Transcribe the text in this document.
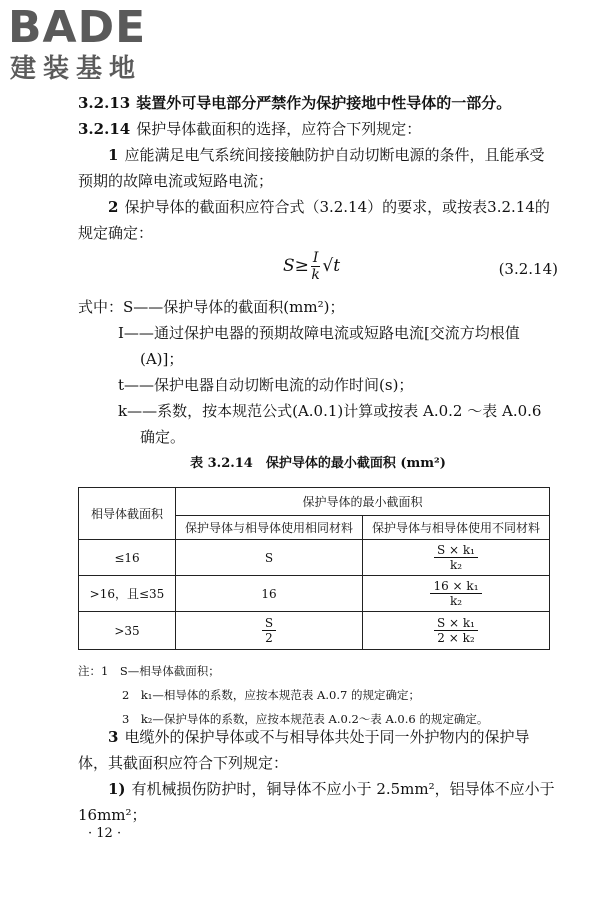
BADE
建装基地

3.2.13 装置外可导电部分严禁作为保护接地中性导体的一部分。

3.2.14 保护导体截面积的选择，应符合下列规定：

1 应能满足电气系统间接接触防护自动切断电源的条件，且能承受预期的故障电流或短路电流；

2 保护导体的截面积应符合式（3.2.14）的要求，或按表3.2.14的规定确定：

$S\ge \frac{I}{k} √t$	(3.2.14)
式中：S——保护导体的截面积(mm²)；
I——通过保护电器的预期故障电流或短路电流[交流方均根值(A)]；
t——保护电器自动切断电流的动作时间(s)；
k——系数，按本规范公式(A.0.1)计算或按表 A.0.2 ～表 A.0.6 确定。
表 3.2.14　保护导体的最小截面积 (mm²)
相导体截面积	保护导体的最小截面积	
	保护导体与相导体使用相同材料	保护导体与相导体使用不同材料
≤16	S	$\frac{\text{S × k₁}}{\text{k₂}}$

>16，且≤35	16	$\frac{\text{16 × k₁}}{\text{k₂}}$

>35	$\frac{S}{2}$	$\frac{\text{S × k₁}}{\text{2 × k₂}}$
注：1　 S—相导体截面积；
2　k₁—相导体的系数，应按本规范表 A.0.7 的规定确定；
3　k₂—保护导体的系数，应按本规范表 A.0.2～表 A.0.6 的规定确定。

3 电缆外的保护导体或不与相导体共处于同一外护物内的保护导体，其截面积应符合下列规定：

1) 有机械损伤防护时，铜导体不应小于 2.5mm²，铝导体不应小于 16mm²；

· 12 ·
